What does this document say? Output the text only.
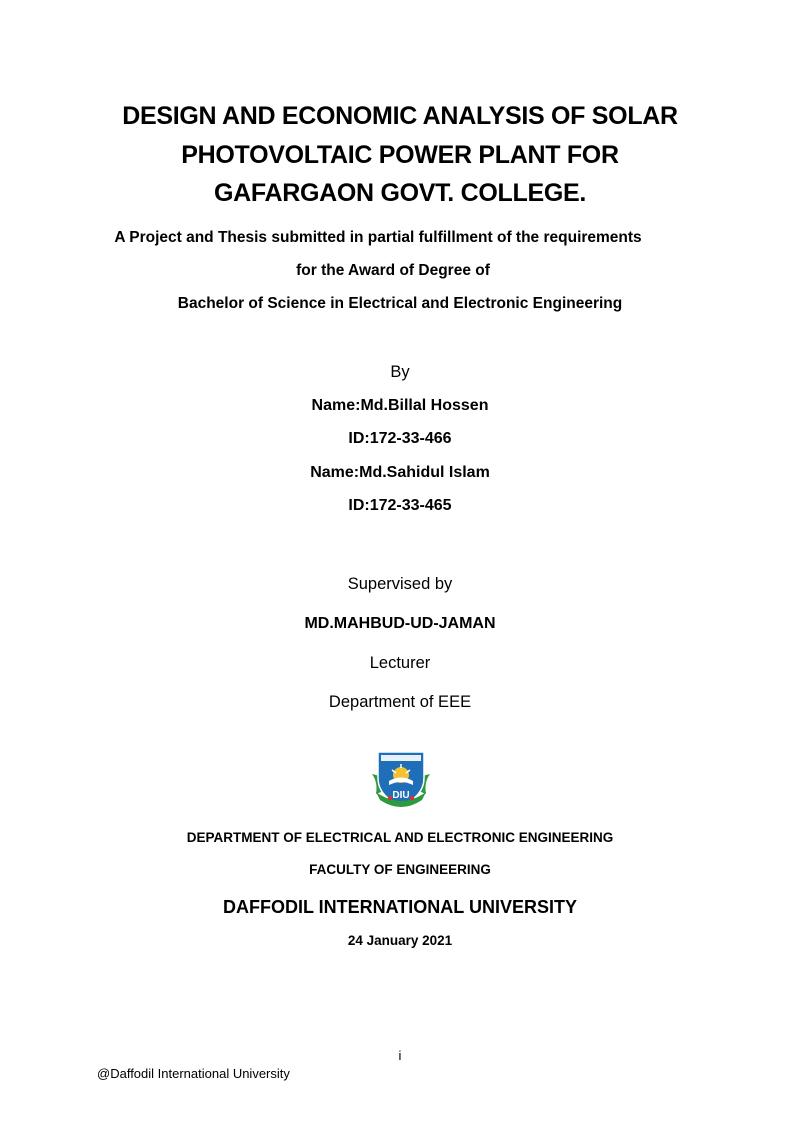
DESIGN AND ECONOMIC ANALYSIS OF SOLAR
PHOTOVOLTAIC POWER PLANT FOR
GAFARGAON GOVT. COLLEGE.
A Project and Thesis submitted in partial fulfillment of the requirements
for the Award of Degree of
Bachelor of Science in Electrical and Electronic Engineering
By
Name:Md.Billal Hossen
ID:172-33-466
Name:Md.Sahidul Islam
ID:172-33-465
Supervised by
MD.MAHBUD-UD-JAMAN
Lecturer
Department of EEE
DIU
DEPARTMENT OF ELECTRICAL AND ELECTRONIC ENGINEERING
FACULTY OF ENGINEERING
DAFFODIL INTERNATIONAL UNIVERSITY
24 January 2021
i
@Daffodil International University
